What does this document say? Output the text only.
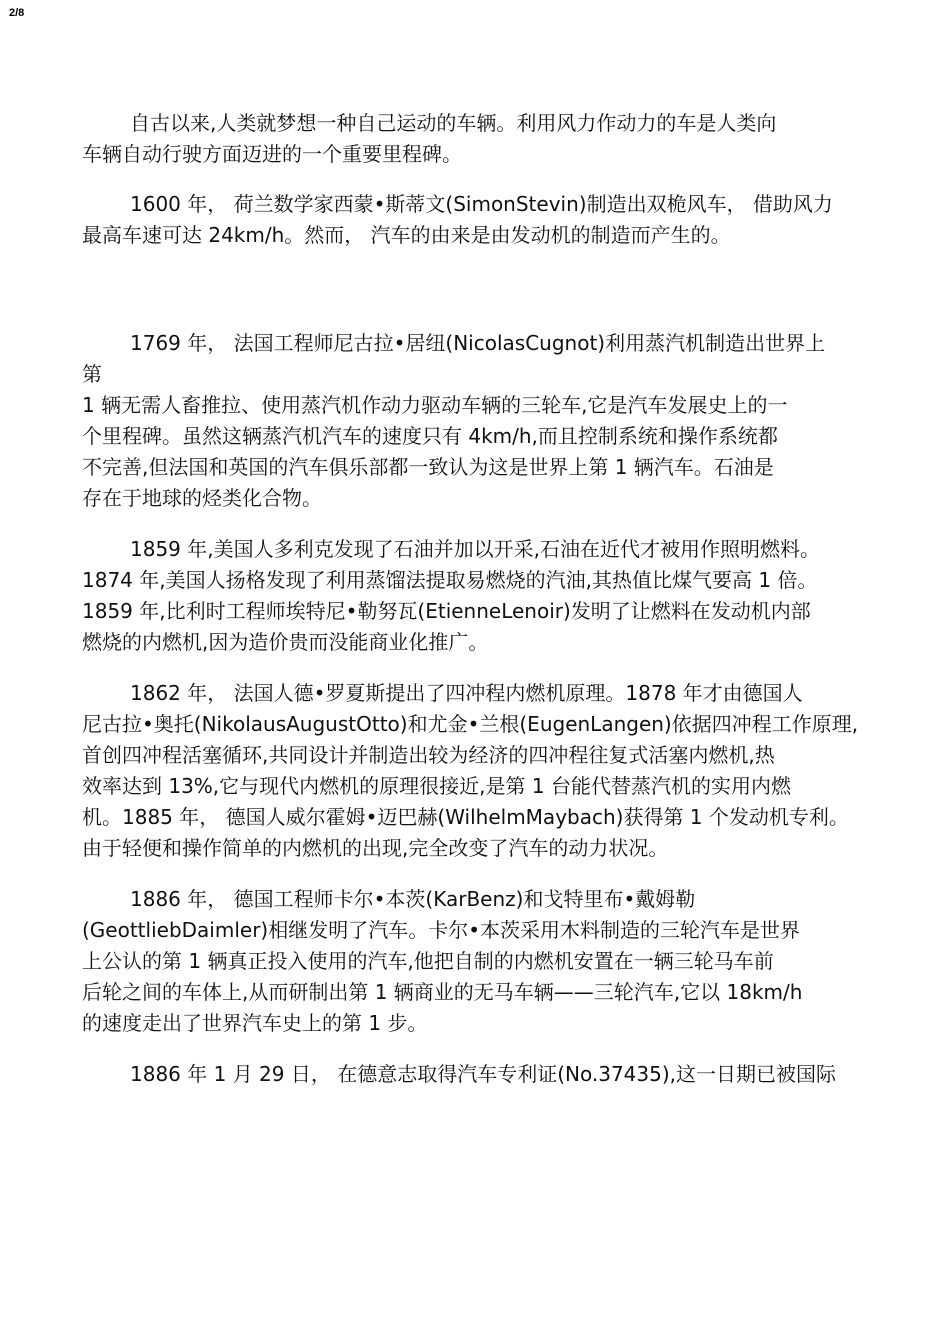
2/8

自古以来,人类就梦想一种自己运动的车辆。利用风力作动力的车是人类向
车辆自动行驶方面迈进的一个重要里程碑。

1600 年， 荷兰数学家西蒙•斯蒂文(SimonStevin)制造出双桅风车， 借助风力
最高车速可达 24km/h。然而， 汽车的由来是由发动机的制造而产生的。

1769 年， 法国工程师尼古拉•居纽(NicolasCugnot)利用蒸汽机制造出世界上
第
1 辆无需人畜推拉、使用蒸汽机作动力驱动车辆的三轮车,它是汽车发展史上的一
个里程碑。虽然这辆蒸汽机汽车的速度只有 4km/h,而且控制系统和操作系统都
不完善,但法国和英国的汽车俱乐部都一致认为这是世界上第 1 辆汽车。石油是
存在于地球的烃类化合物。

1859 年,美国人多利克发现了石油并加以开采,石油在近代才被用作照明燃料。
1874 年,美国人扬格发现了利用蒸馏法提取易燃烧的汽油,其热值比煤气要高 1 倍。
1859 年,比利时工程师埃特尼•勒努瓦(EtienneLenoir)发明了让燃料在发动机内部
燃烧的内燃机,因为造价贵而没能商业化推广。

1862 年， 法国人德•罗夏斯提出了四冲程内燃机原理。1878 年才由德国人
尼古拉•奥托(NikolausAugustOtto)和尤金•兰根(EugenLangen)依据四冲程工作原理,
首创四冲程活塞循环,共同设计并制造出较为经济的四冲程往复式活塞内燃机,热
效率达到 13%,它与现代内燃机的原理很接近,是第 1 台能代替蒸汽机的实用内燃
机。1885 年， 德国人威尔霍姆•迈巴赫(WilhelmMaybach)获得第 1 个发动机专利。
由于轻便和操作简单的内燃机的出现,完全改变了汽车的动力状况。

1886 年， 德国工程师卡尔•本茨(KarBenz)和戈特里布•戴姆勒
(GeottliebDaimler)相继发明了汽车。卡尔•本茨采用木料制造的三轮汽车是世界
上公认的第 1 辆真正投入使用的汽车,他把自制的内燃机安置在一辆三轮马车前
后轮之间的车体上,从而研制出第 1 辆商业的无马车辆——三轮汽车,它以 18km/h
的速度走出了世界汽车史上的第 1 步。

1886 年 1 月 29 日， 在德意志取得汽车专利证(No.37435),这一日期已被国际
